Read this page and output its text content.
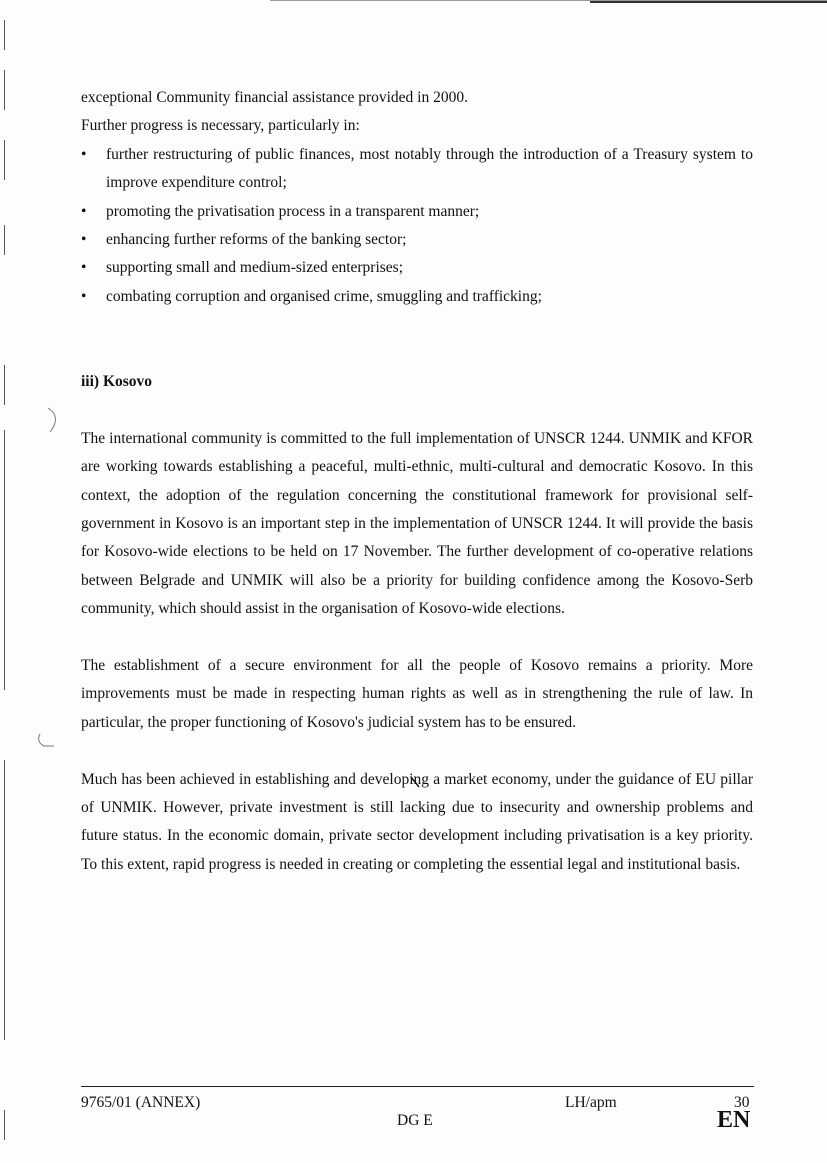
exceptional Community financial assistance provided in 2000.

Further progress is necessary, particularly in:

• further restructuring of public finances, most notably through the introduction of a Treasury system to improve expenditure control;
• promoting the privatisation process in a transparent manner;
• enhancing further reforms of the banking sector;
• supporting small and medium-sized enterprises;
• combating corruption and organised crime, smuggling and trafficking;

iii) Kosovo

The international community is committed to the full implementation of UNSCR 1244. UNMIK and KFOR are working towards establishing a peaceful, multi-ethnic, multi-cultural and democratic Kosovo. In this context, the adoption of the regulation concerning the constitutional framework for provisional self-government in Kosovo is an important step in the implementation of UNSCR 1244. It will provide the basis for Kosovo-wide elections to be held on 17 November. The further development of co-operative relations between Belgrade and UNMIK will also be a priority for building confidence among the Kosovo-Serb community, which should assist in the organisation of Kosovo-wide elections.

The establishment of a secure environment for all the people of Kosovo remains a priority. More improvements must be made in respecting human rights as well as in strengthening the rule of law. In particular, the proper functioning of Kosovo's judicial system has to be ensured.

Much has been achieved in establishing and developing a market economy, under the guidance of EU pillar of UNMIK. However, private investment is still lacking due to insecurity and ownership problems and future status. In the economic domain, private sector development including privatisation is a key priority. To this extent, rapid progress is needed in creating or completing the essential legal and institutional basis.

9765/01 (ANNEX)	LH/apm	30
DG E	EN
